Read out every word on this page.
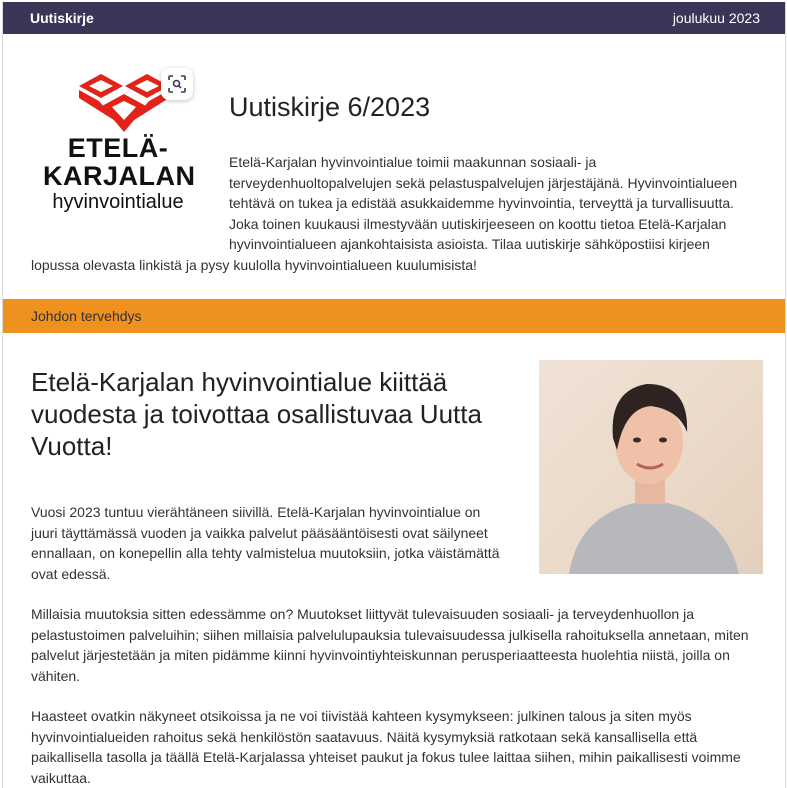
Uutiskirje	joulukuu 2023
ETELÄ-
KARJALAN
hyvinvointialue
Uutiskirje 6/2023
Etelä-Karjalan hyvinvointialue toimii maakunnan sosiaali- ja terveydenhuoltopalvelujen sekä pelastuspalvelujen järjestäjänä. Hyvinvointialueen tehtävä on tukea ja edistää asukkaidemme hyvinvointia, terveyttä ja turvallisuutta. Joka toinen kuukausi ilmestyvään uutiskirjeeseen on koottu tietoa Etelä-Karjalan hyvinvointialueen ajankohtaisista asioista. Tilaa uutiskirje sähköpostiisi kirjeen lopussa olevasta linkistä ja pysy kuulolla hyvinvointialueen kuulumisista!
Johdon tervehdys
Etelä-Karjalan hyvinvointialue kiittää vuodesta ja toivottaa osallistuvaa Uutta Vuotta!

Vuosi 2023 tuntuu vierähtäneen siivillä. Etelä-Karjalan hyvinvointialue on juuri täyttämässä vuoden ja vaikka palvelut pääsääntöisesti ovat säilyneet ennallaan, on konepellin alla tehty valmistelua muutoksiin, jotka väistämättä ovat edessä.

Millaisia muutoksia sitten edessämme on? Muutokset liittyvät tulevaisuuden sosiaali- ja terveydenhuollon ja pelastustoimen palveluihin; siihen millaisia palvelulupauksia tulevaisuudessa julkisella rahoituksella annetaan, miten palvelut järjestetään ja miten pidämme kiinni hyvinvointiyhteiskunnan perusperiaatteesta huolehtia niistä, joilla on vähiten.

Haasteet ovatkin näkyneet otsikoissa ja ne voi tiivistää kahteen kysymykseen: julkinen talous ja siten myös hyvinvointialueiden rahoitus sekä henkilöstön saatavuus. Näitä kysymyksiä ratkotaan sekä kansallisella että paikallisella tasolla ja täällä Etelä-Karjalassa yhteiset paukut ja fokus tulee laittaa siihen, mihin paikallisesti voimme vaikuttaa.
